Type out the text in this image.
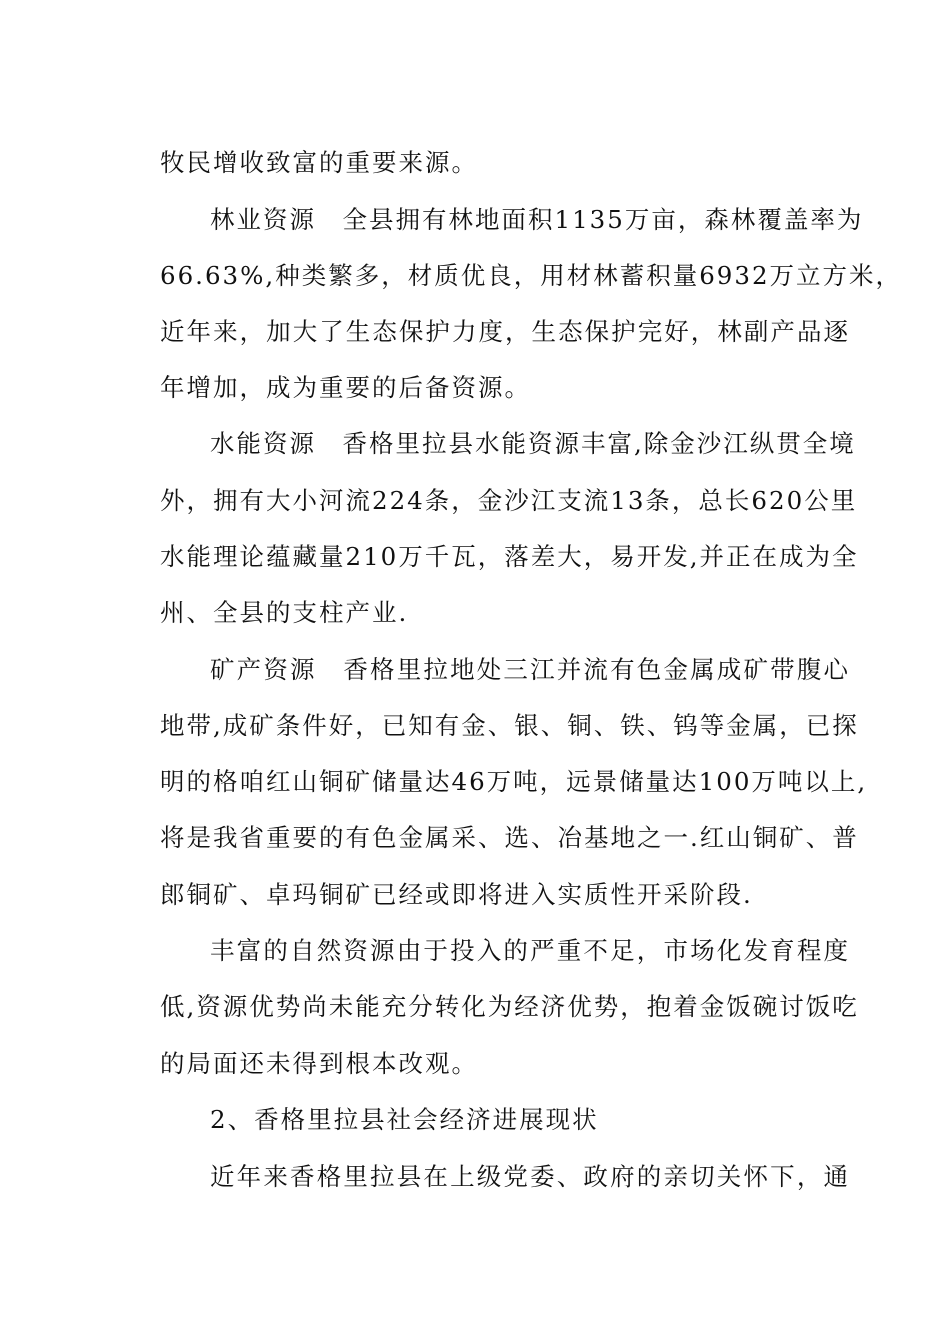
牧民增收致富的重要来源。
林业资源　全县拥有林地面积1135万亩，森林覆盖率为
66.63%,种类繁多，材质优良，用材林蓄积量6932万立方米，
近年来，加大了生态保护力度，生态保护完好，林副产品逐
年增加，成为重要的后备资源。
水能资源　香格里拉县水能资源丰富,除金沙江纵贯全境
外，拥有大小河流224条，金沙江支流13条，总长620公里
水能理论蕴藏量210万千瓦，落差大，易开发,并正在成为全
州、全县的支柱产业.
矿产资源　香格里拉地处三江并流有色金属成矿带腹心
地带,成矿条件好，已知有金、银、铜、铁、钨等金属，已探
明的格咱红山铜矿储量达46万吨，远景储量达100万吨以上,
将是我省重要的有色金属采、选、冶基地之一.红山铜矿、普
郎铜矿、卓玛铜矿已经或即将进入实质性开采阶段.
丰富的自然资源由于投入的严重不足，市场化发育程度
低,资源优势尚未能充分转化为经济优势，抱着金饭碗讨饭吃
的局面还未得到根本改观。
2、香格里拉县社会经济进展现状
近年来香格里拉县在上级党委、政府的亲切关怀下，通
